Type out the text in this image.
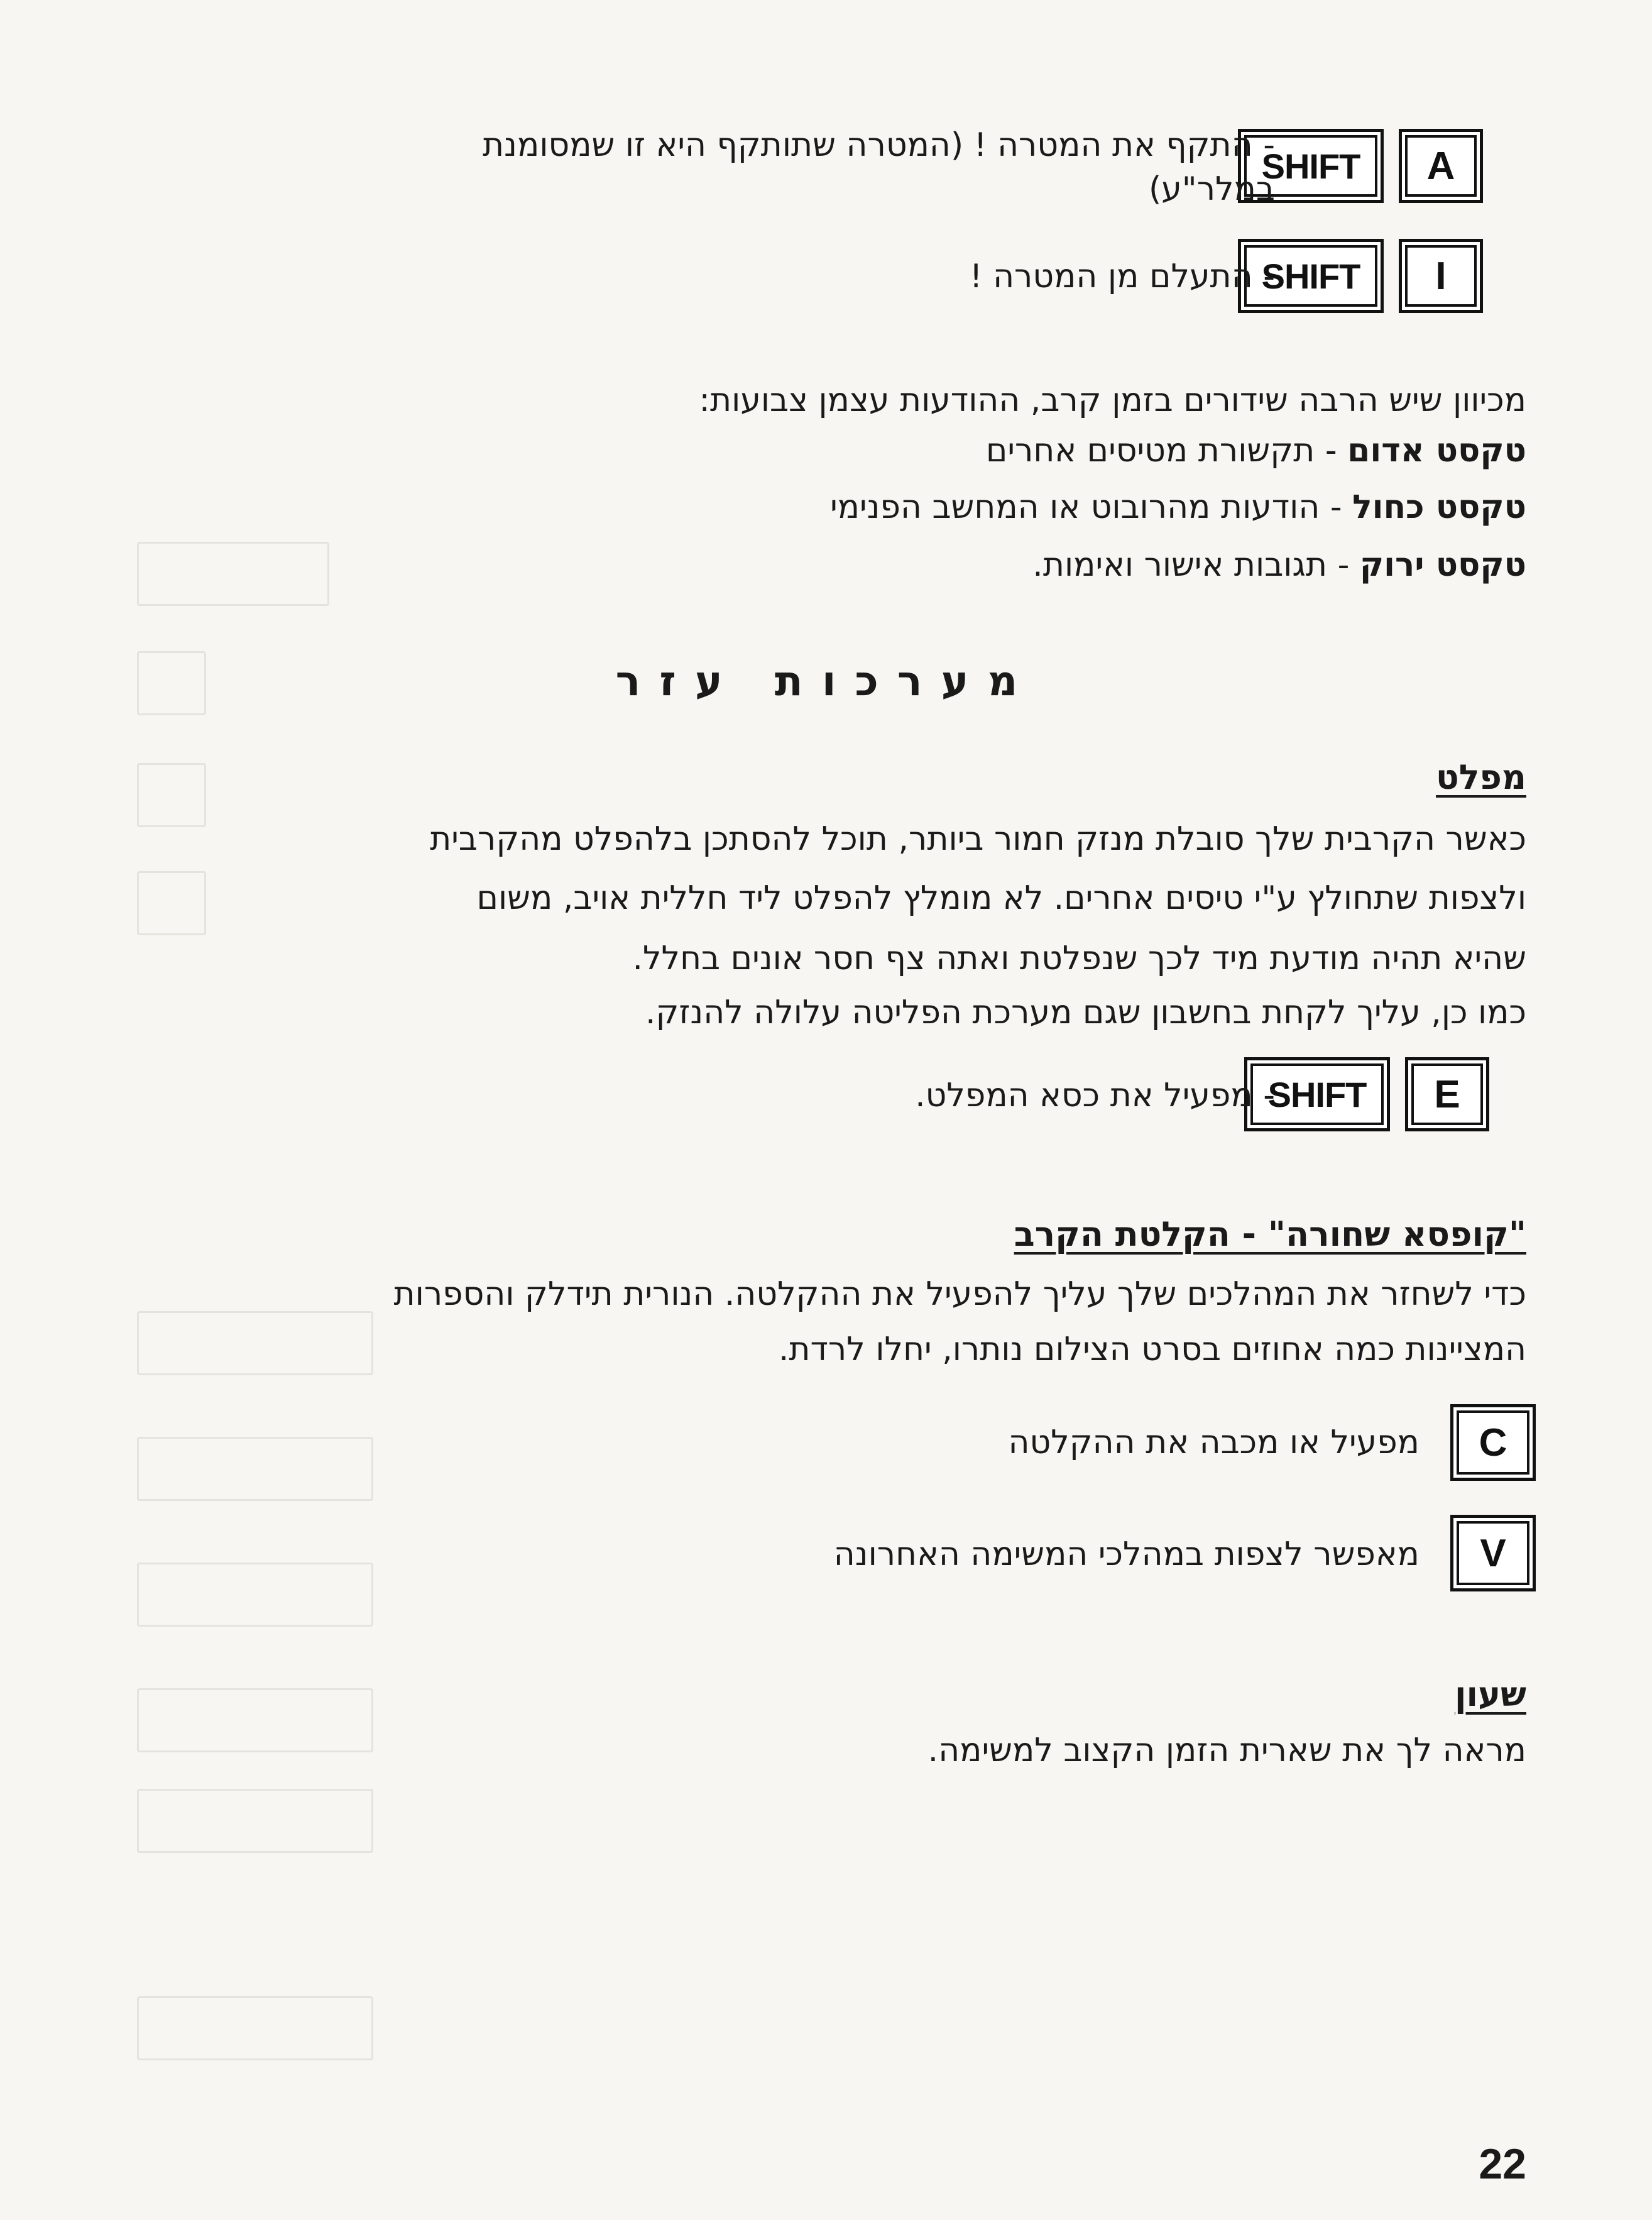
A
SHIFT
- התקף את המטרה ! (המטרה שתותקף היא זו שמסומנת
במלר"ע)
I
SHIFT
- התעלם מן המטרה !
מכיוון שיש הרבה שידורים בזמן קרב, ההודעות עצמן צבועות:
טקסט אדום - תקשורת מטיסים אחרים
טקסט כחול - הודעות מהרובוט או המחשב הפנימי
טקסט ירוק - תגובות אישור ואימות.
מערכות עזר
מפלט
כאשר הקרבית שלך סובלת מנזק חמור ביותר, תוכל להסתכן בלהפלט מהקרבית
ולצפות שתחולץ ע"י טיסים אחרים. לא מומלץ להפלט ליד חללית אויב, משום
שהיא תהיה מודעת מיד לכך שנפלטת ואתה צף חסר אונים בחלל.
כמו כן, עליך לקחת בחשבון שגם מערכת הפליטה עלולה להנזק.
E
SHIFT
- מפעיל את כסא המפלט.
"קופסא שחורה" - הקלטת הקרב
כדי לשחזר את המהלכים שלך עליך להפעיל את ההקלטה. הנורית תידלק והספרות
המציינות כמה אחוזים בסרט הצילום נותרו, יחלו לרדת.
C
מפעיל או מכבה את ההקלטה
V
מאפשר לצפות במהלכי המשימה האחרונה
שעון
מראה לך את שארית הזמן הקצוב למשימה.
22
